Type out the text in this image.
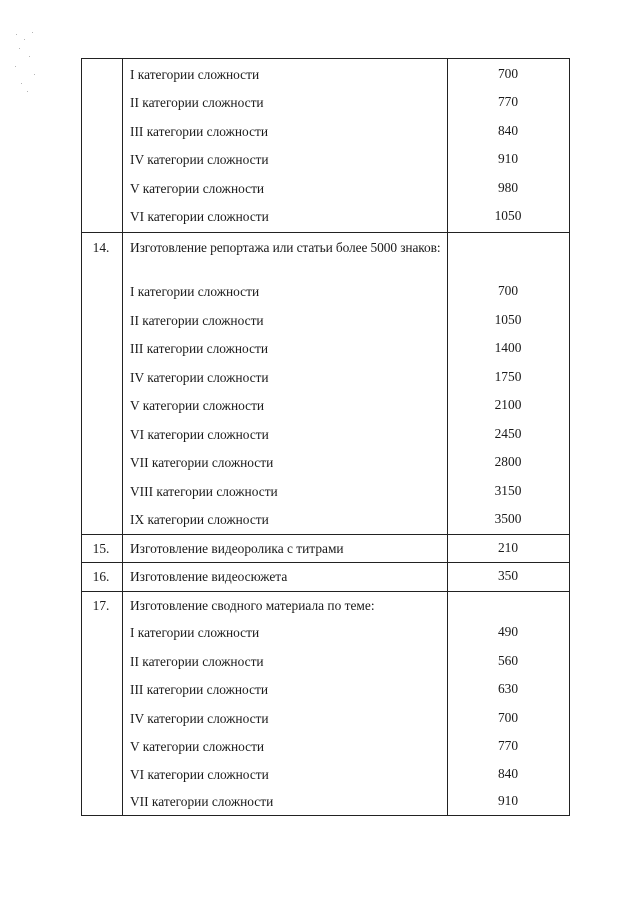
I категории сложности	700
II категории сложности	770
III категории сложности	840
IV категории сложности	910
V категории сложности	980
VI категории сложности	1050
14.	Изготовление репортажа или статьи более 5000 знаков:
I категории сложности	700
II категории сложности	1050
III категории сложности	1400
IV категории сложности	1750
V категории сложности	2100
VI категории сложности	2450
VII категории сложности	2800
VIII категории сложности	3150
IX категории сложности	3500
15.	Изготовление видеоролика с титрами	210
16.	Изготовление видеосюжета	350
17.	Изготовление сводного материала по теме:
I категории сложности	490
II категории сложности	560
III категории сложности	630
IV категории сложности	700
V категории сложности	770
VI категории сложности	840
VII категории сложности	910
